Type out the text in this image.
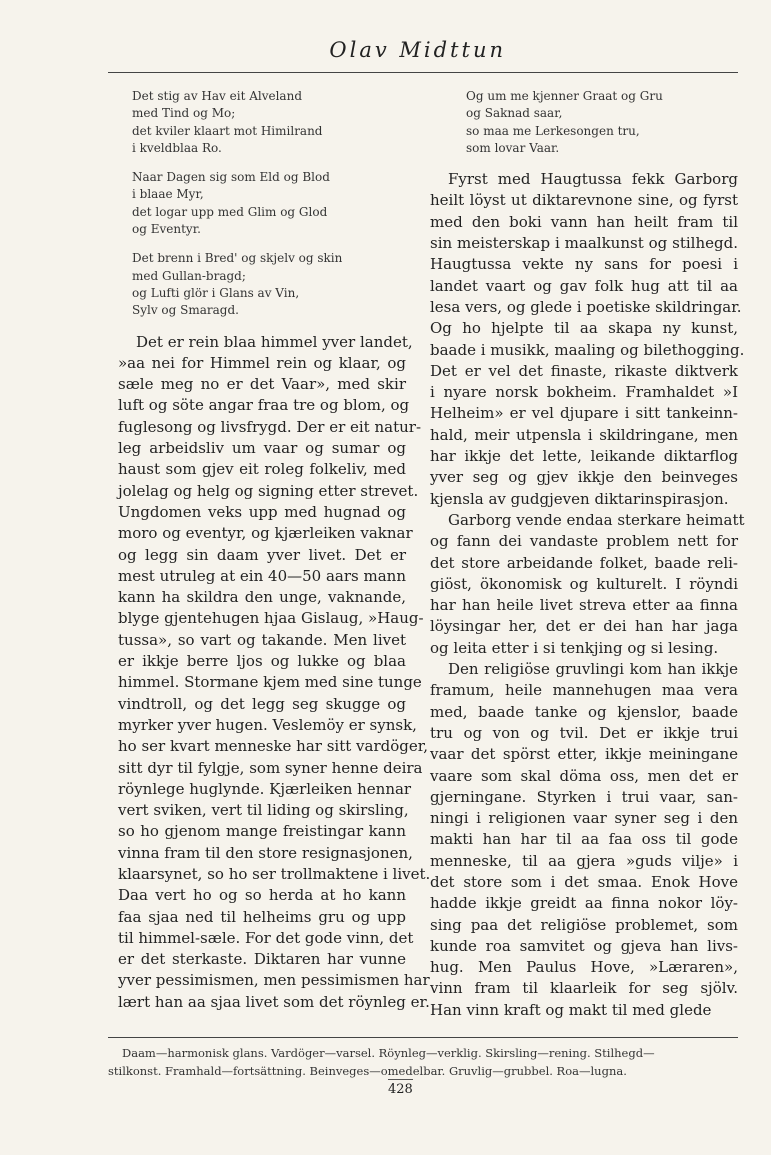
Olav Midttun
Det stig av Hav eit Alveland
med Tind og Mo;
det kviler klaart mot Himilrand
i kveldblaa Ro.
Naar Dagen sig som Eld og Blod
i blaae Myr,
det logar upp med Glim og Glod
og Eventyr.
Det brenn i Bred' og skjelv og skin
med Gullan-bragd;
og Lufti glör i Glans av Vin,
Sylv og Smaragd.

Det er rein blaa himmel yver landet,
»aa nei for Himmel rein og klaar, og
sæle meg no er det Vaar», med skir
luft og söte angar fraa tre og blom, og
fuglesong og livsfrygd. Der er eit natur-
leg arbeidsliv um vaar og sumar og
haust som gjev eit roleg folkeliv, med
jolelag og helg og signing etter strevet.
Ungdomen veks upp med hugnad og
moro og eventyr, og kjærleiken vaknar
og legg sin daam yver livet. Det er
mest utruleg at ein 40—50 aars mann
kann ha skildra den unge, vaknande,
blyge gjentehugen hjaa Gislaug, »Haug-
tussa», so vart og takande. Men livet
er ikkje berre ljos og lukke og blaa
himmel. Stormane kjem med sine tunge
vindtroll, og det legg seg skugge og
myrker yver hugen. Veslemöy er synsk,
ho ser kvart menneske har sitt vardöger,
sitt dyr til fylgje, som syner henne deira
röynlege huglynde. Kjærleiken hennar
vert sviken, vert til liding og skirsling,
so ho gjenom mange freistingar kann
vinna fram til den store resignasjonen,
klaarsynet, so ho ser trollmaktene i livet.
Daa vert ho og so herda at ho kann
faa sjaa ned til helheims gru og upp
til himmel-sæle. For det gode vinn, det
er det sterkaste. Diktaren har vunne
yver pessimismen, men pessimismen har
lært han aa sjaa livet som det röynleg er.

Og um me kjenner Graat og Gru
og Saknad saar,
so maa me Lerkesongen tru,
som lovar Vaar.

Fyrst med Haugtussa fekk Garborg
heilt löyst ut diktarevnone sine, og fyrst
med den boki vann han heilt fram til
sin meisterskap i maalkunst og stilhegd.
Haugtussa vekte ny sans for poesi i
landet vaart og gav folk hug att til aa
lesa vers, og glede i poetiske skildringar.
Og ho hjelpte til aa skapa ny kunst,
baade i musikk, maaling og bilethogging.
Det er vel det finaste, rikaste diktverk
i nyare norsk bokheim. Framhaldet »I
Helheim» er vel djupare i sitt tankeinn-
hald, meir utpensla i skildringane, men
har ikkje det lette, leikande diktarflog
yver seg og gjev ikkje den beinveges
kjensla av gudgjeven diktarinspirasjon.

Garborg vende endaa sterkare heimatt
og fann dei vandaste problem nett for
det store arbeidande folket, baade reli-
giöst, ökonomisk og kulturelt. I röyndi
har han heile livet streva etter aa finna
löysingar her, det er dei han har jaga
og leita etter i si tenkjing og si lesing.

Den religiöse gruvlingi kom han ikkje
framum, heile mannehugen maa vera
med, baade tanke og kjenslor, baade
tru og von og tvil. Det er ikkje trui
vaar det spörst etter, ikkje meiningane
vaare som skal döma oss, men det er
gjerningane. Styrken i trui vaar, san-
ningi i religionen vaar syner seg i den
makti han har til aa faa oss til gode
menneske, til aa gjera »guds vilje» i
det store som i det smaa. Enok Hove
hadde ikkje greidt aa finna nokor löy-
sing paa det religiöse problemet, som
kunde roa samvitet og gjeva han livs-
hug. Men Paulus Hove, »Læraren»,
vinn fram til klaarleik for seg sjölv.
Han vinn kraft og makt til med glede

Daam—harmonisk glans. Vardöger—varsel. Röynleg—verklig. Skirsling—rening. Stilhegd—
stilkonst. Framhald—fortsättning. Beinveges—omedelbar. Gruvlig—grubbel. Roa—lugna.
428
